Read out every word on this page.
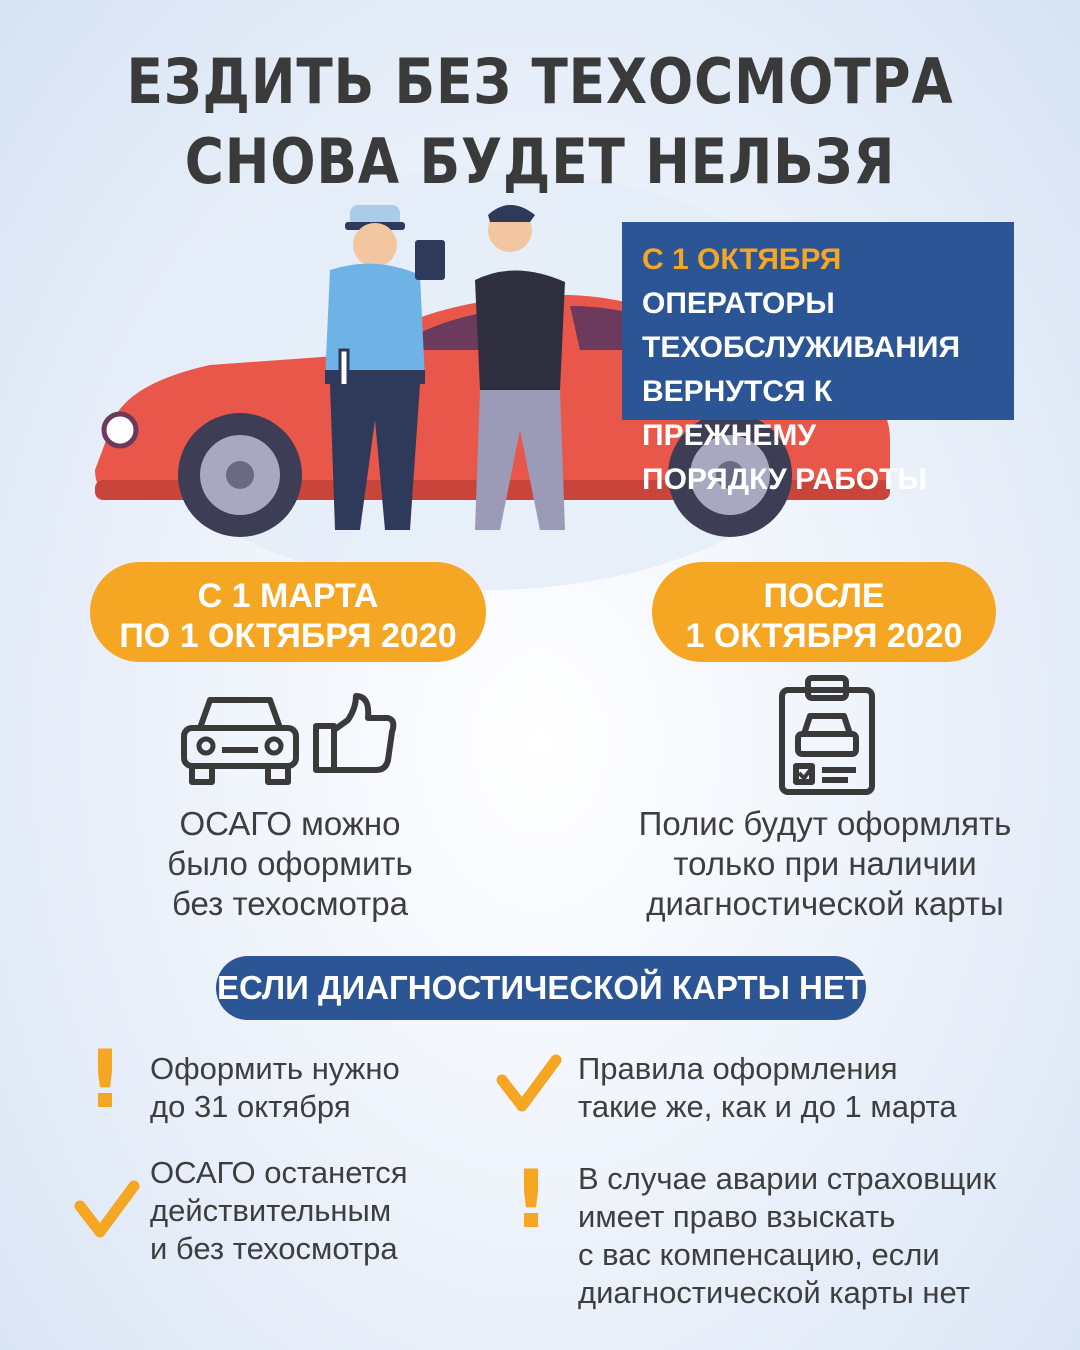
ЕЗДИТЬ БЕЗ ТЕХОСМОТРА
СНОВА БУДЕТ НЕЛЬЗЯ
С 1 ОКТЯБРЯ ОПЕРАТОРЫ
ТЕХОБСЛУЖИВАНИЯ
ВЕРНУТСЯ К ПРЕЖНЕМУ
ПОРЯДКУ РАБОТЫ
С 1 МАРТА
ПО 1 ОКТЯБРЯ 2020
ПОСЛЕ
1 ОКТЯБРЯ 2020
ОСАГО можно
было оформить
без техосмотра
Полис будут оформлять
только при наличии
диагностической карты
ЕСЛИ ДИАГНОСТИЧЕСКОЙ КАРТЫ НЕТ
! Оформить нужно
до 31 октября
Правила оформления
такие же, как и до 1 марта
ОСАГО останется
действительным
и без техосмотра
! В случае аварии страховщик
имеет право взыскать
с вас компенсацию, если
диагностической карты нет
